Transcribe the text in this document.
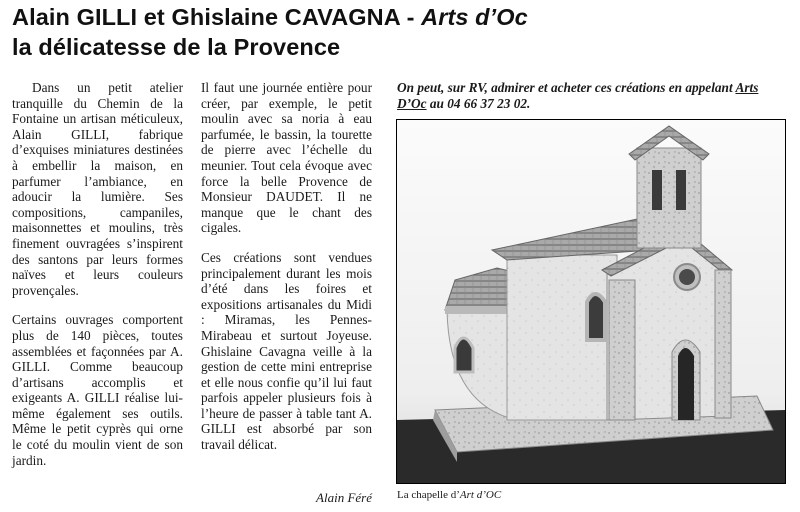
Alain GILLI et Ghislaine CAVAGNA - Arts d’Oc
la délicatesse de la Provence

Dans un petit atelier tranquille du Chemin de la Fontaine un artisan méticuleux, Alain GILLI, fabrique d’exquises miniatures destinées à embellir la maison, en parfumer l’ambiance, en adoucir la lumière. Ses compositions, campaniles, maisonnettes et moulins, très finement ouvragées s’inspirent des santons par leurs formes naïves et leurs couleurs provençales.

Certains ouvrages comportent plus de 140 pièces, toutes assemblées et façonnées par A. GILLI. Comme beaucoup d’artisans accomplis et exigeants A. GILLI réalise lui-même également ses outils. Même le petit cyprès qui orne le coté du moulin vient de son jardin.

Il faut une journée entière pour créer, par exemple, le petit moulin avec sa noria à eau parfumée, le bassin, la tourette de pierre avec l’échelle du meunier. Tout cela évoque avec force la belle Provence de Monsieur DAUDET. Il ne manque que le chant des cigales.

Ces créations sont vendues principalement durant les mois d’été dans les foires et expositions artisanales du Midi : Miramas, les Pennes-Mirabeau et surtout Joyeuse. Ghislaine Cavagna veille à la gestion de cette mini entreprise et elle nous confie qu’il lui faut parfois appeler plusieurs fois à l’heure de passer à table tant A. GILLI est absorbé par son travail délicat.

Alain Féré
On peut, sur RV, admirer et acheter ces créations en appelant Arts D’Oc au 04 66 37 23 02.
La chapelle d’Art d’OC
